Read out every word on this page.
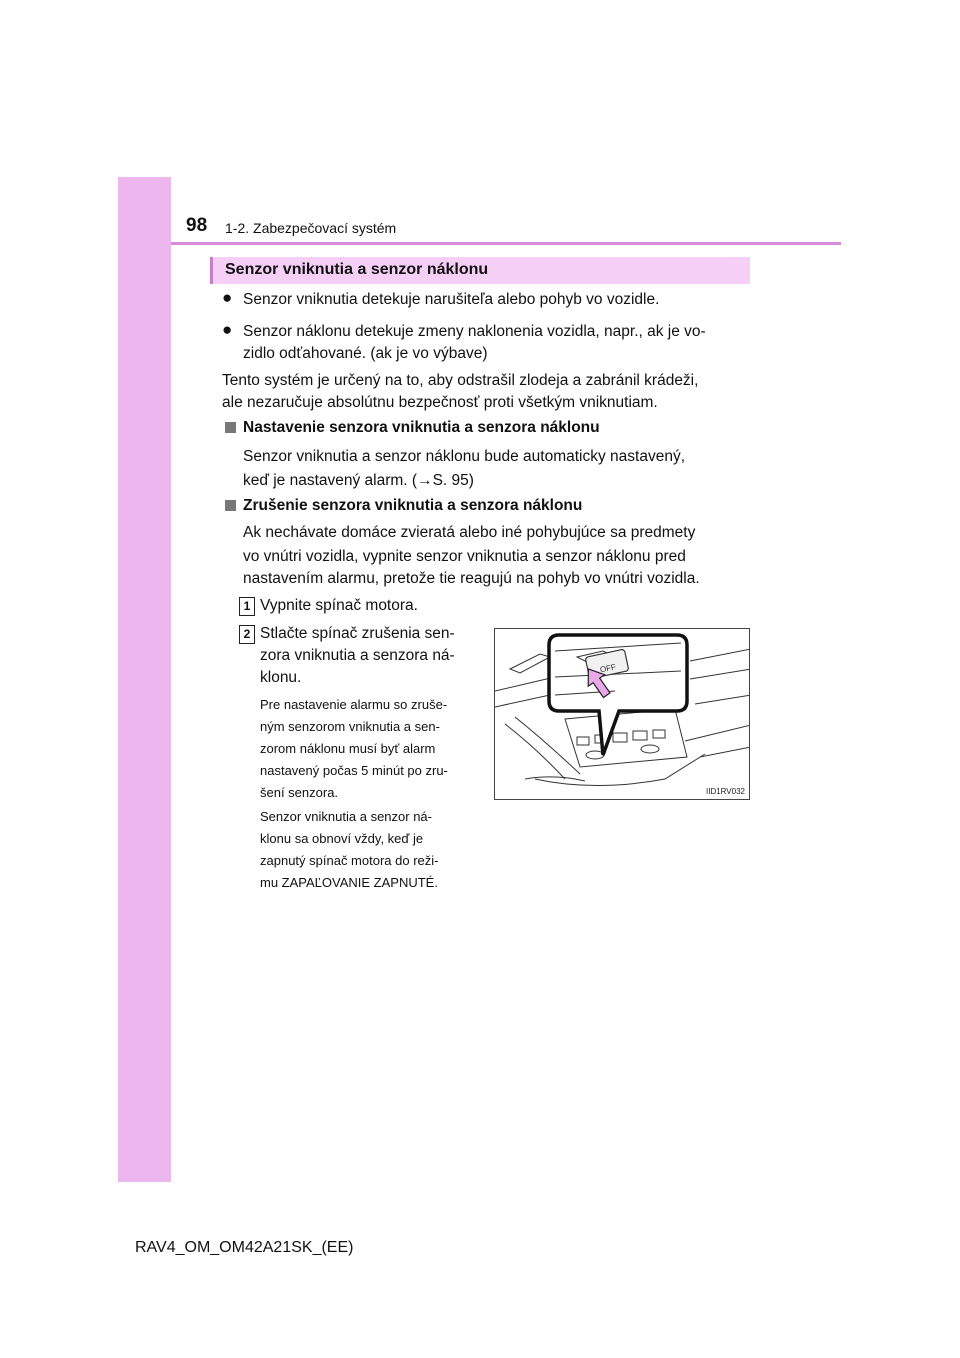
98 1-2. Zabezpečovací systém
Senzor vniknutia a senzor náklonu
● Senzor vniknutia detekuje narušiteľa alebo pohyb vo vozidle.
● Senzor náklonu detekuje zmeny naklonenia vozidla, napr., ak je vo-
zidlo odťahované. (ak je vo výbave)
Tento systém je určený na to, aby odstrašil zlodeja a zabránil krádeži,
ale nezaručuje absolútnu bezpečnosť proti všetkým vniknutiam.
Nastavenie senzora vniknutia a senzora náklonu
Senzor vniknutia a senzor náklonu bude automaticky nastavený,
keď je nastavený alarm. (→S. 95)
Zrušenie senzora vniknutia a senzora náklonu
Ak nechávate domáce zvieratá alebo iné pohybujúce sa predmety
vo vnútri vozidla, vypnite senzor vniknutia a senzor náklonu pred
nastavením alarmu, pretože tie reagujú na pohyb vo vnútri vozidla.
1 Vypnite spínač motora.
2 Stlačte spínač zrušenia sen-
zora vniknutia a senzora ná-
klonu.
Pre nastavenie alarmu so zruše-
ným senzorom vniknutia a sen-
zorom náklonu musí byť alarm
nastavený počas 5 minút po zru-
šení senzora.
Senzor vniknutia a senzor ná-
klonu sa obnoví vždy, keď je
zapnutý spínač motora do reži-
mu ZAPAĽOVANIE ZAPNUTÉ.
OFF
IID1RV032
RAV4_OM_OM42A21SK_(EE)
